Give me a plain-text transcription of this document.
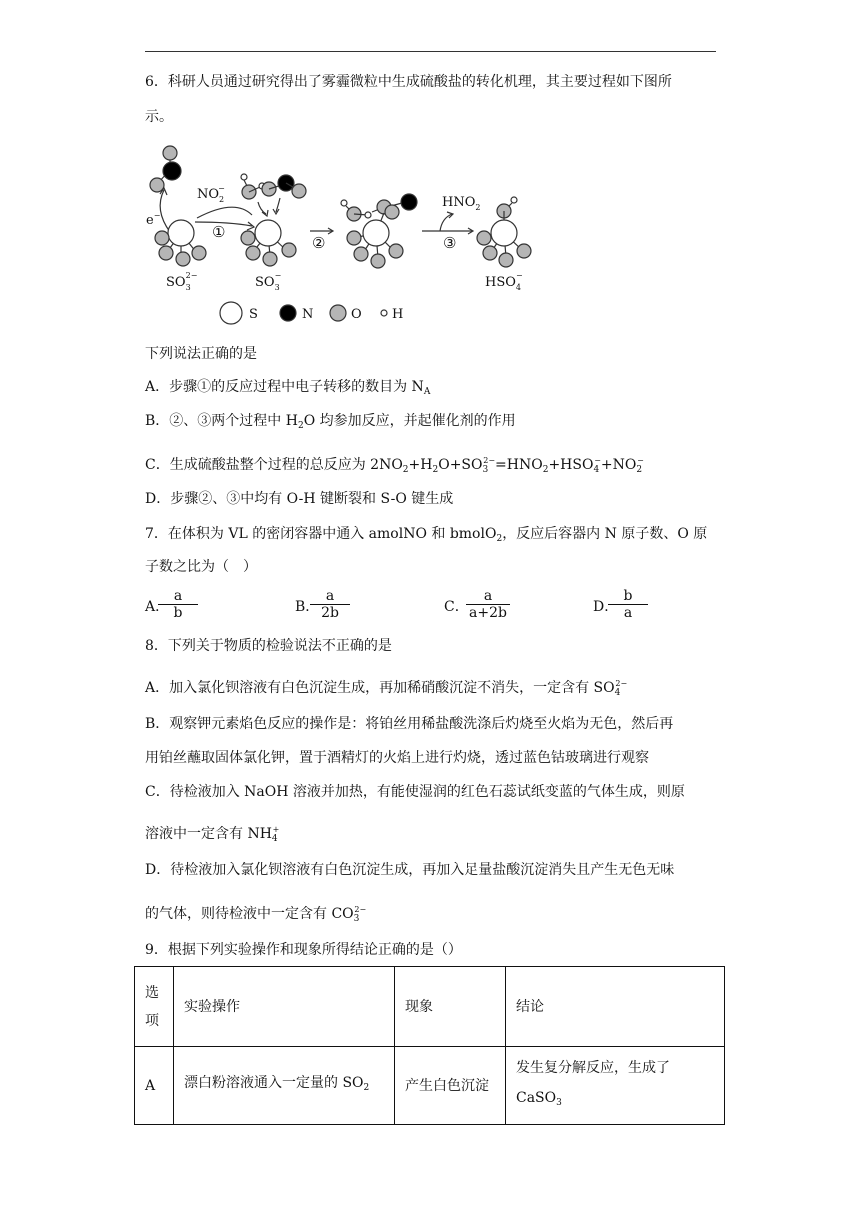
6．科研人员通过研究得出了雾霾微粒中生成硫酸盐的转化机理，其主要过程如下图所
示。
e−
$NO_2-$
①
②
$HNO_2$
③
$SO_32-$	$SO_3-$	$HSO_4-$
S	N	O H
下列说法正确的是
A．步骤①的反应过程中电子转移的数目为 $N_A$
B．②、③两个过程中 $H_2O$ 均参加反应，并起催化剂的作用
C．生成硫酸盐整个过程的总反应为 $2NO_2+H_2O+SO_3^{2-}=HNO_2+HSO_4^-+NO_2^-$
D．步骤②、③中均有 O-H 键断裂和 S-O 键生成
7．在体积为 VL 的密闭容器中通入 amolNO 和 bmolO$_2$，反应后容器内 N 原子数、O 原
子数之比为（　）
A．
$\frac{a}{b}$	B．
$\frac{a}{2b}$	C．
$\frac{a}{a+2b}$	D．
$\frac{b}{a}$
8．下列关于物质的检验说法不正确的是
A．加入氯化钡溶液有白色沉淀生成，再加稀硝酸沉淀不消失，一定含有 $SO_4^{2-}$
B．观察钾元素焰色反应的操作是：将铂丝用稀盐酸洗涤后灼烧至火焰为无色，然后再
用铂丝蘸取固体氯化钾，置于酒精灯的火焰上进行灼烧，透过蓝色钴玻璃进行观察
C．待检液加入 NaOH 溶液并加热，有能使湿润的红色石蕊试纸变蓝的气体生成，则原
溶液中一定含有 $NH_4^+$
D．待检液加入氯化钡溶液有白色沉淀生成，再加入足量盐酸沉淀消失且产生无色无味
的气体，则待检液中一定含有 $CO_3^{2-}$
9．根据下列实验操作和现象所得结论正确的是（）
选
项	实验操作	现象	结论
A	漂白粉溶液通入一定量的 $SO_2$	产生白色沉淀	发生复分解反应，生成了
CaSO$_3$
